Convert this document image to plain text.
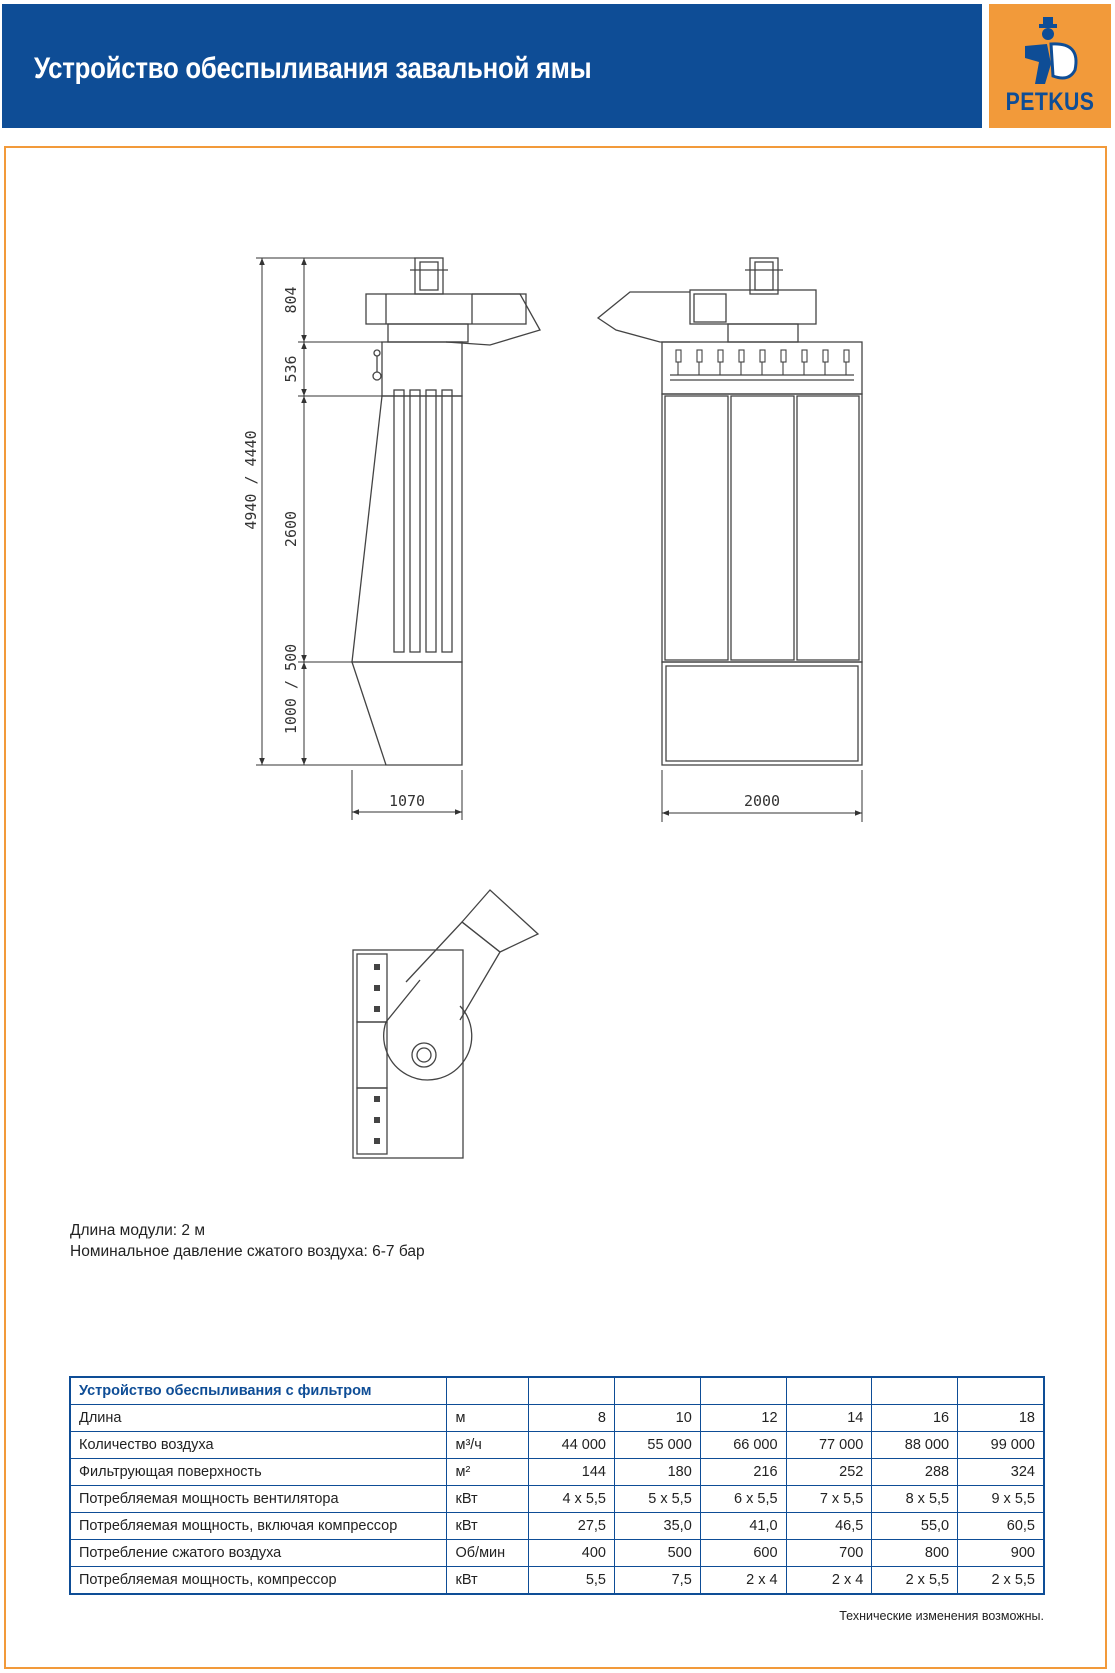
Устройство обеспыливания завальной ямы
PETKUS
804
536
2600
4940 / 4440
1000 / 500
1070	2000
Длина модули: 2 м
Номинальное давление сжатого воздуха: 6-7 бар
Устройство обеспыливания с фильтром							
Длина	м	8	10	12	14	16	18
Количество воздуха	м³/ч	44 000	55 000	66 000	77 000	88 000	99 000
Фильтрующая поверхность	м²	144	180	216	252	288	324
Потребляемая мощность вентилятора	кВт	4 x 5,5	5 x 5,5	6 x 5,5	7 x 5,5	8 x 5,5	9 x 5,5
Потребляемая мощность, включая компрессор	кВт	27,5	35,0	41,0	46,5	55,0	60,5
Потребление сжатого воздуха	Об/мин	400	500	600	700	800	900
Потребляемая мощность, компрессор	кВт	5,5	7,5	2 x 4	2 x 4	2 x 5,5	2 x 5,5
Технические изменения возможны.
